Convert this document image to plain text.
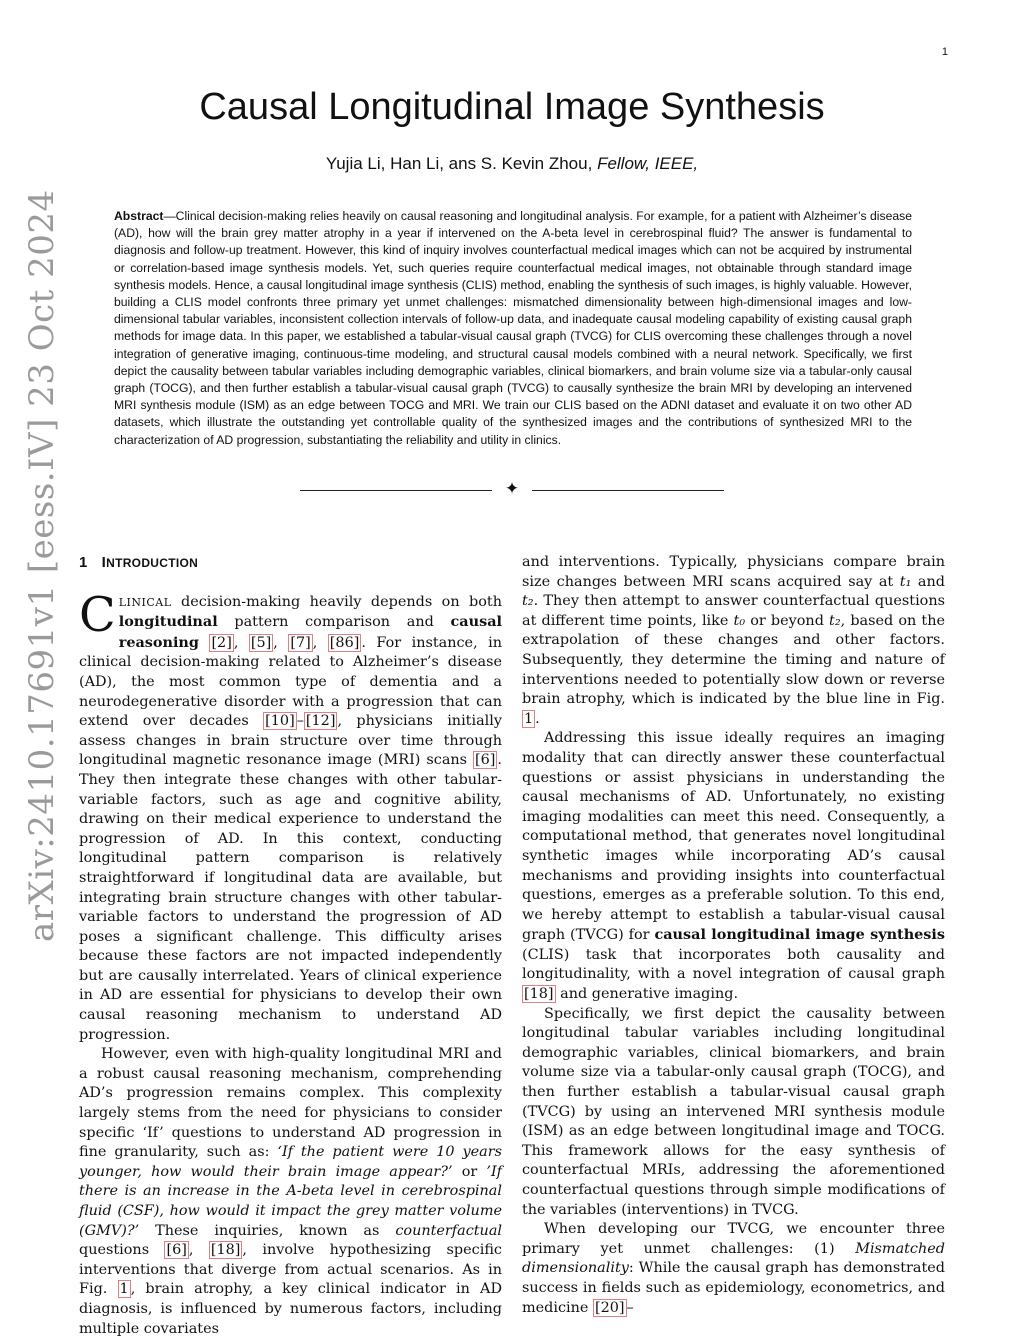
1
arXiv:2410.17691v1 [eess.IV] 23 Oct 2024
Causal Longitudinal Image Synthesis
Yujia Li, Han Li, ans S. Kevin Zhou, Fellow, IEEE,
Abstract—Clinical decision-making relies heavily on causal reasoning and longitudinal analysis. For example, for a patient with Alzheimer’s disease (AD), how will the brain grey matter atrophy in a year if intervened on the A-beta level in cerebrospinal fluid? The answer is fundamental to diagnosis and follow-up treatment. However, this kind of inquiry involves counterfactual medical images which can not be acquired by instrumental or correlation-based image synthesis models. Yet, such queries require counterfactual medical images, not obtainable through standard image synthesis models. Hence, a causal longitudinal image synthesis (CLIS) method, enabling the synthesis of such images, is highly valuable. However, building a CLIS model confronts three primary yet unmet challenges: mismatched dimensionality between high-dimensional images and low-dimensional tabular variables, inconsistent collection intervals of follow-up data, and inadequate causal modeling capability of existing causal graph methods for image data. In this paper, we established a tabular-visual causal graph (TVCG) for CLIS overcoming these challenges through a novel integration of generative imaging, continuous-time modeling, and structural causal models combined with a neural network. Specifically, we first depict the causality between tabular variables including demographic variables, clinical biomarkers, and brain volume size via a tabular-only causal graph (TOCG), and then further establish a tabular-visual causal graph (TVCG) to causally synthesize the brain MRI by developing an intervened MRI synthesis module (ISM) as an edge between TOCG and MRI. We train our CLIS based on the ADNI dataset and evaluate it on two other AD datasets, which illustrate the outstanding yet controllable quality of the synthesized images and the contributions of synthesized MRI to the characterization of AD progression, substantiating the reliability and utility in clinics.
✦
1 INTRODUCTION

CLINICAL decision-making heavily depends on both longitudinal pattern comparison and causal reasoning [2] , [5] , [7] , [86] . For instance, in clinical decision-making related to Alzheimer’s disease (AD), the most common type of dementia and a neurodegenerative disorder with a progression that can extend over decades [10] – [12] , physicians initially assess changes in brain structure over time through longitudinal magnetic resonance image (MRI) scans [6] . They then integrate these changes with other tabular-variable factors, such as age and cognitive ability, drawing on their medical experience to understand the progression of AD. In this context, conducting longitudinal pattern comparison is relatively straightforward if longitudinal data are available, but integrating brain structure changes with other tabular-variable factors to understand the progression of AD poses a significant challenge. This difficulty arises because these factors are not impacted independently but are causally interrelated. Years of clinical experience in AD are essential for physicians to develop their own causal reasoning mechanism to understand AD progression.

However, even with high-quality longitudinal MRI and a robust causal reasoning mechanism, comprehending AD’s progression remains complex. This complexity largely stems from the need for physicians to consider specific ‘If’ questions to understand AD progression in fine granularity, such as: ‘If the patient were 10 years younger, how would their brain image appear?’ or ’If there is an increase in the A-beta level in cerebrospinal fluid (CSF), how would it impact the grey matter volume (GMV)?’ These inquiries, known as counterfactual questions [6] , [18] , involve hypothesizing specific interventions that diverge from actual scenarios. As in Fig. 1 , brain atrophy, a key clinical indicator in AD diagnosis, is influenced by numerous factors, including multiple covariates

and interventions. Typically, physicians compare brain size changes between MRI scans acquired say at t₁ and t₂. They then attempt to answer counterfactual questions at different time points, like t₀ or beyond t₂, based on the extrapolation of these changes and other factors. Subsequently, they determine the timing and nature of interventions needed to potentially slow down or reverse brain atrophy, which is indicated by the blue line in Fig. 1 .

Addressing this issue ideally requires an imaging modality that can directly answer these counterfactual questions or assist physicians in understanding the causal mechanisms of AD. Unfortunately, no existing imaging modalities can meet this need. Consequently, a computational method, that generates novel longitudinal synthetic images while incorporating AD’s causal mechanisms and providing insights into counterfactual questions, emerges as a preferable solution. To this end, we hereby attempt to establish a tabular-visual causal graph (TVCG) for causal longitudinal image synthesis (CLIS) task that incorporates both causality and longitudinality, with a novel integration of causal graph [18] and generative imaging.

Specifically, we first depict the causality between longitudinal tabular variables including longitudinal demographic variables, clinical biomarkers, and brain volume size via a tabular-only causal graph (TOCG), and then further establish a tabular-visual causal graph (TVCG) by using an intervened MRI synthesis module (ISM) as an edge between longitudinal image and TOCG. This framework allows for the easy synthesis of counterfactual MRIs, addressing the aforementioned counterfactual questions through simple modifications of the variables (interventions) in TVCG.

When developing our TVCG, we encounter three primary yet unmet challenges: (1) Mismatched dimensionality: While the causal graph has demonstrated success in fields such as epidemiology, econometrics, and medicine [20] –
